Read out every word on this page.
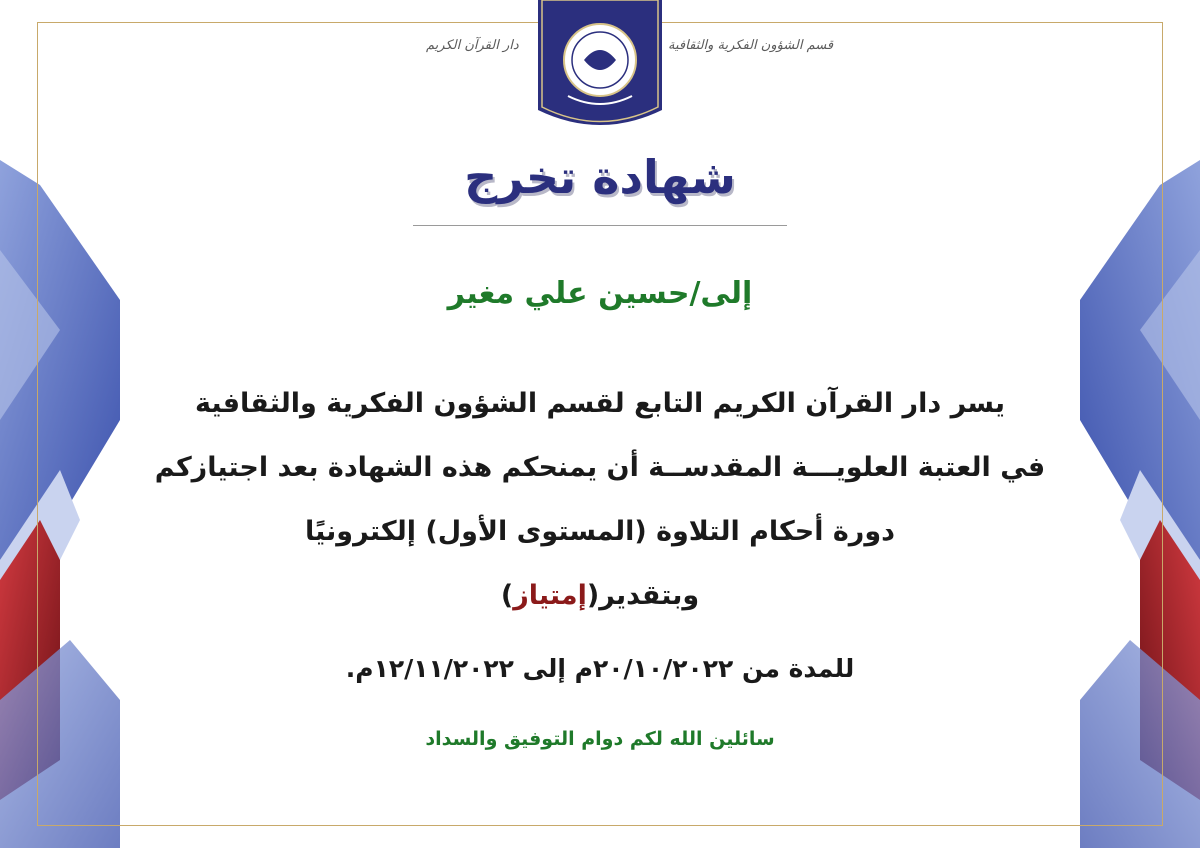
قسم الشؤون الفكرية والثقافية
دار القرآن الكريم
شهادة تخرج
إلى/حسين علي مغير
يسر دار القرآن الكريم التابع لقسم الشؤون الفكرية والثقافية
في العتبة العلويـــة المقدســة أن يمنحكم هذه الشهادة بعد اجتيازكم
دورة أحكام التلاوة (المستوى الأول) إلكترونيًا
وبتقدير(إمتياز)
للمدة من ٢٠/١٠/٢٠٢٢م إلى ١٢/١١/٢٠٢٢م.
سائلين الله لكم دوام التوفيق والسداد
